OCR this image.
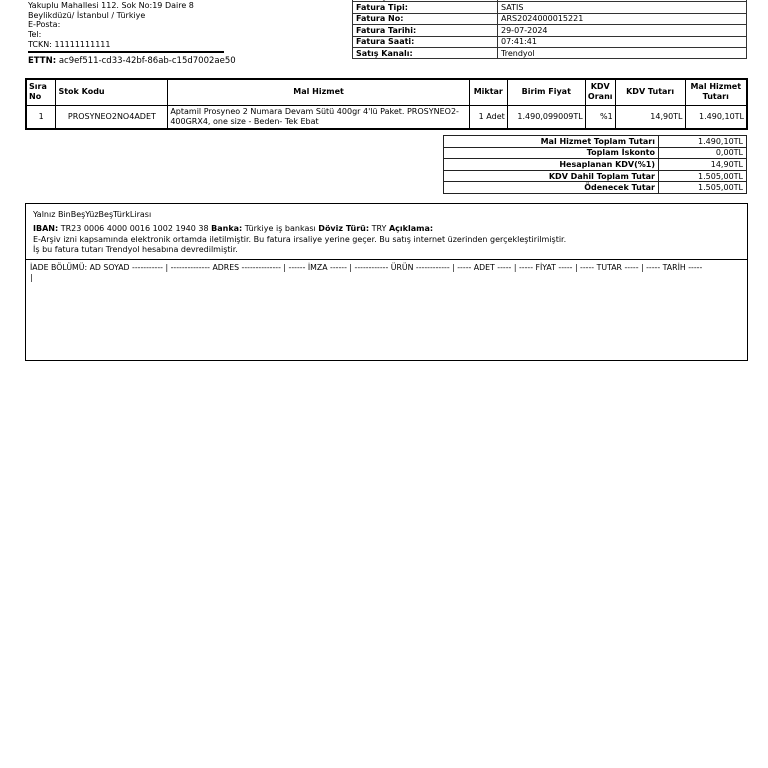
Yakuplu Mahallesi 112. Sok No:19 Daire 8
Beylikdüzü/ İstanbul / Türkiye
E-Posta:
Tel:
TCKN: 11111111111
ETTN: ac9ef511-cd33-42bf-86ab-c15d7002ae50
Fatura Tipi:	SATIS
Fatura No:	ARS2024000015221
Fatura Tarihi:	29-07-2024
Fatura Saati:	07:41:41
Satış Kanalı:	Trendyol
Sıra No	Stok Kodu	Mal Hizmet	Miktar	Birim Fiyat	KDV Oranı	KDV Tutarı	Mal Hizmet Tutarı
1	PROSYNEO2NO4ADET	Aptamil Prosyneo 2 Numara Devam Sütü 400gr 4'lü Paket. PROSYNEO2-400GRX4, one size - Beden- Tek Ebat	1 Adet	1.490,099009TL	%1	14,90TL	1.490,10TL
Mal Hizmet Toplam Tutarı	1.490,10TL
Toplam İskonto	0,00TL
Hesaplanan KDV(%1)	14,90TL
KDV Dahil Toplam Tutar	1.505,00TL
Ödenecek Tutar	1.505,00TL
Yalnız BinBeşYüzBeşTürkLirası
IBAN: TR23 0006 4000 0016 1002 1940 38 Banka: Türkiye iş bankası Döviz Türü: TRY Açıklama:
E-Arşiv izni kapsamında elektronik ortamda iletilmiştir. Bu fatura irsaliye yerine geçer. Bu satış internet üzerinden gerçekleştirilmiştir.
İş bu fatura tutarı Trendyol hesabına devredilmiştir.
İADE BÖLÜMÜ: AD SOYAD ----------- | -------------- ADRES -------------- | ------ İMZA ------ | ------------ ÜRÜN ------------ | ----- ADET ----- | ----- FİYAT ----- | ----- TUTAR ----- | ----- TARİH -----
|
